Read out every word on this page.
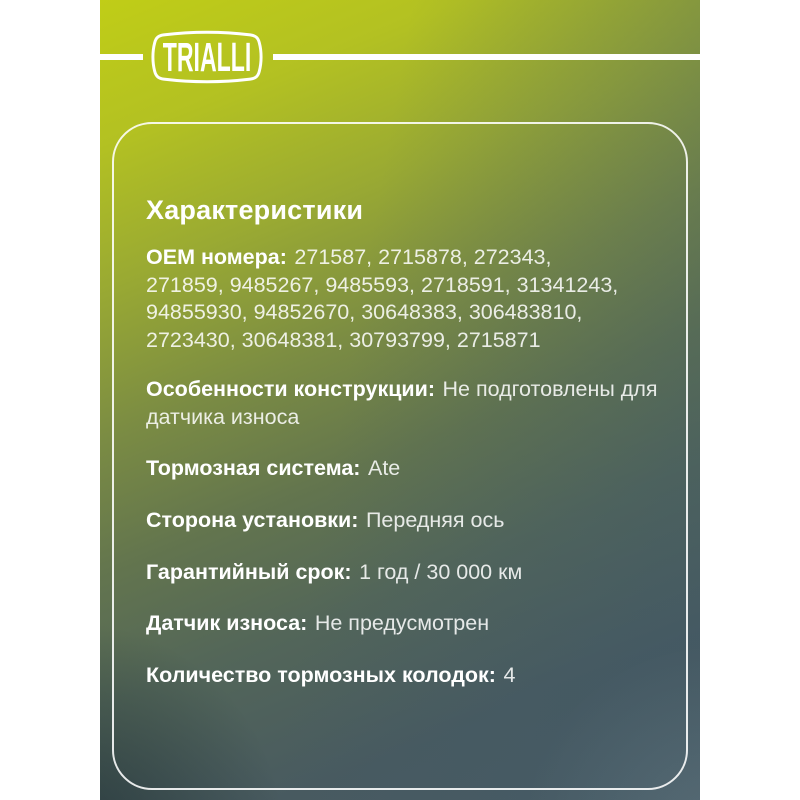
TRIALLI
Характеристики
ОЕМ номера: 271587, 2715878, 272343,
271859, 9485267, 9485593, 2718591, 31341243,
94855930, 94852670, 30648383, 306483810,
2723430, 30648381, 30793799, 2715871
Особенности конструкции: Не подготовлены для датчика износа
Тормозная система: Ate
Сторона установки: Передняя ось
Гарантийный срок: 1 год / 30 000 км
Датчик износа: Не предусмотрен
Количество тормозных колодок: 4
